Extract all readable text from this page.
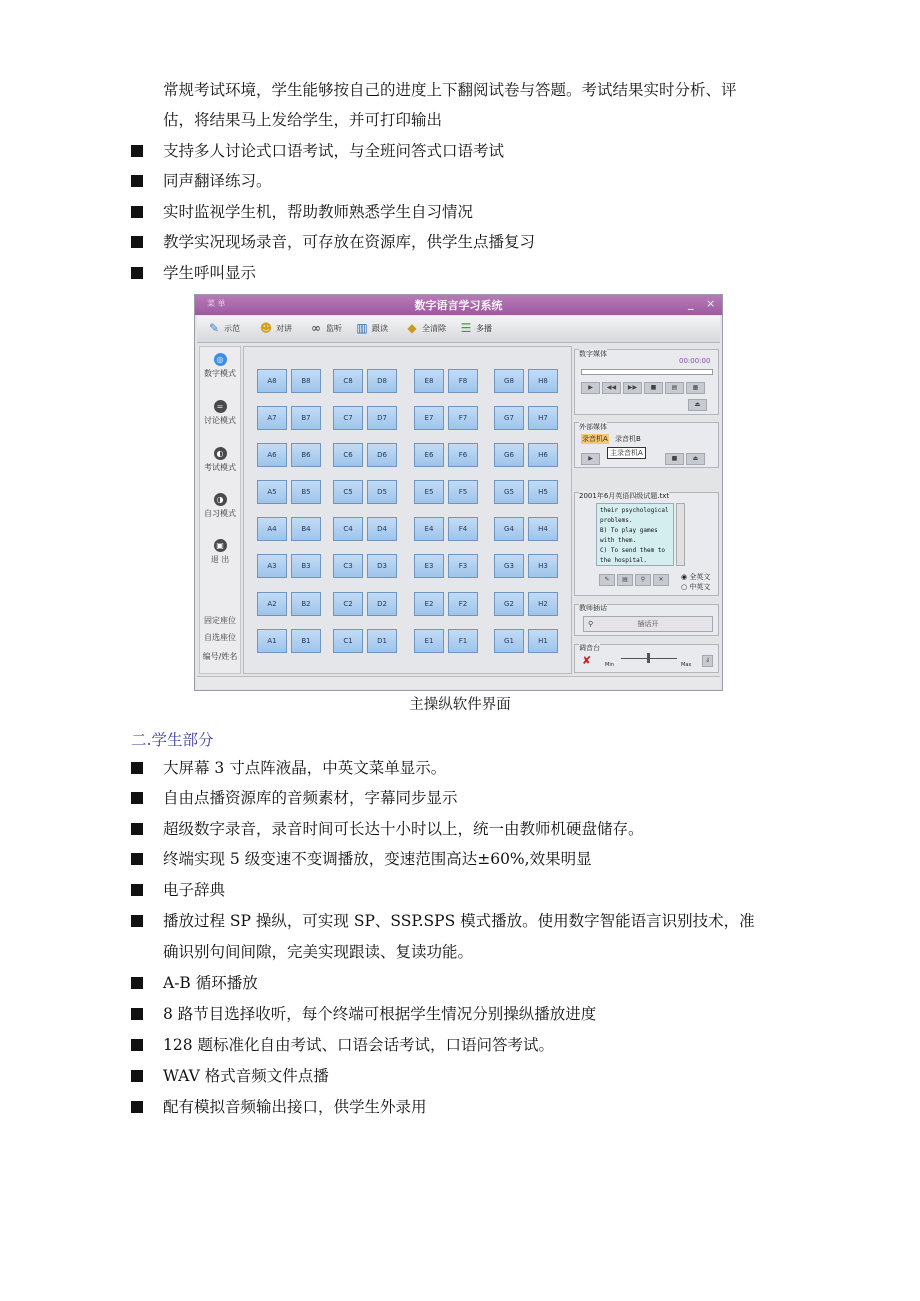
常规考试环境，学生能够按自己的进度上下翻阅试卷与答题。考试结果实时分析、评
估，将结果马上发给学生，并可打印输出
支持多人讨论式口语考试，与全班问答式口语考试
同声翻译练习。
实时监视学生机，帮助教师熟悉学生自习情况
教学实况现场录音，可存放在资源库，供学生点播复习
学生呼叫显示
菜 单	数字语言学习系统	_ ×
✎ 示范 ☻ 对讲 ∞ 监听 ▥ 跟读 ◆ 全清除 ☰ 多播
◎
数字模式
=
讨论模式
◐
考试模式
◑
自习模式
▣
退 出
固定座位
自选座位
编号/姓名
A8	B8	C8	D8	E8	F8	G8	H8
A7	B7	C7	D7	E7	F7	G7	H7
A6	B6	C6	D6	E6	F6	G6	H6
A5	B5	C5	D5	E5	F5	G5	H5
A4	B4	C4	D4	E4	F4	G4	H4
A3	B3	C3	D3	E3	F3	G3	H3
A2	B2	C2	D2	E2	F2	G2	H2
A1	B1	C1	D1	E1	F1	G1	H1
数字媒体
00:00:00
▶	◀◀	▶▶	■	▤	▦
⏏
外部媒体
录音机A 录音机B
▶	■	⏏
主录音机A
2001年6月英语四级试题.txt
their psychological
problems.
B) To play games
with them.
C) To send them to
the hospital.
✎	▤	⚲	✕	◉ 全英文
○ 中英文
教师插话
⚲	插话开
调音台
✘	Min	Max
⇓
主操纵软件界面
二.学生部分
大屏幕 3 寸点阵液晶，中英文菜单显示。
自由点播资源库的音频素材，字幕同步显示
超级数字录音，录音时间可长达十小时以上，统一由教师机硬盘储存。
终端实现 5 级变速不变调播放，变速范围高达±60%,效果明显
电子辞典
播放过程 SP 操纵，可实现 SP、SSP.SPS 模式播放。使用数字智能语言识别技术，准
确识别句间间隙，完美实现跟读、复读功能。
A-B 循环播放
8 路节目选择收听，每个终端可根据学生情况分别操纵播放进度
128 题标准化自由考试、口语会话考试，口语问答考试。
WAV 格式音频文件点播
配有模拟音频输出接口，供学生外录用
